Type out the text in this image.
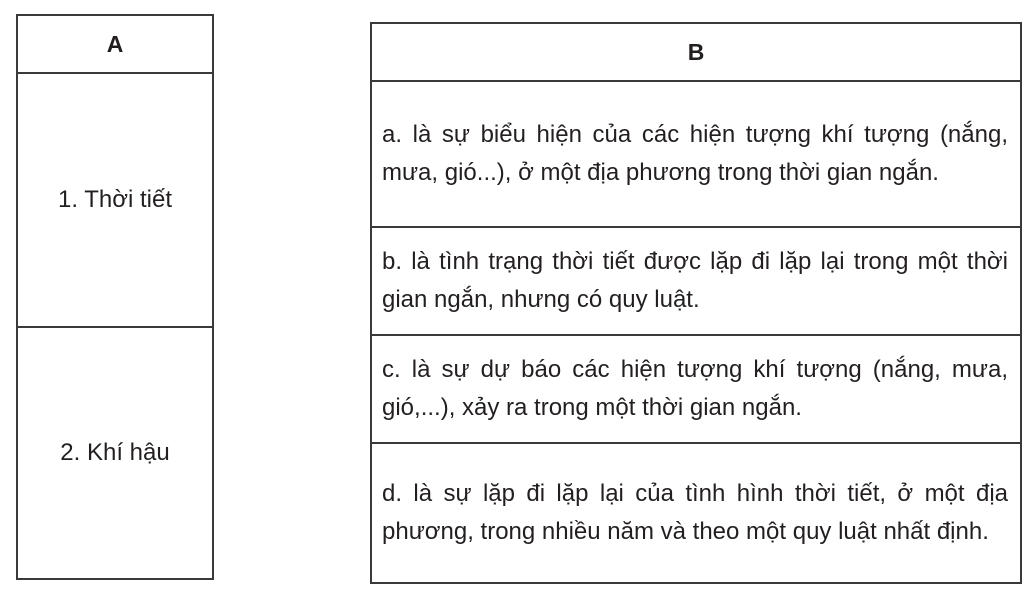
A
1. Thời tiết
2. Khí hậu
B
a. là sự biểu hiện của các hiện tượng khí tượng (nắng, mưa, gió...), ở một địa phương trong thời gian ngắn.
b. là tình trạng thời tiết được lặp đi lặp lại trong một thời gian ngắn, nhưng có quy luật.
c. là sự dự báo các hiện tượng khí tượng (nắng, mưa, gió,...), xảy ra trong một thời gian ngắn.
d. là sự lặp đi lặp lại của tình hình thời tiết, ở một địa phương, trong nhiều năm và theo một quy luật nhất định.
